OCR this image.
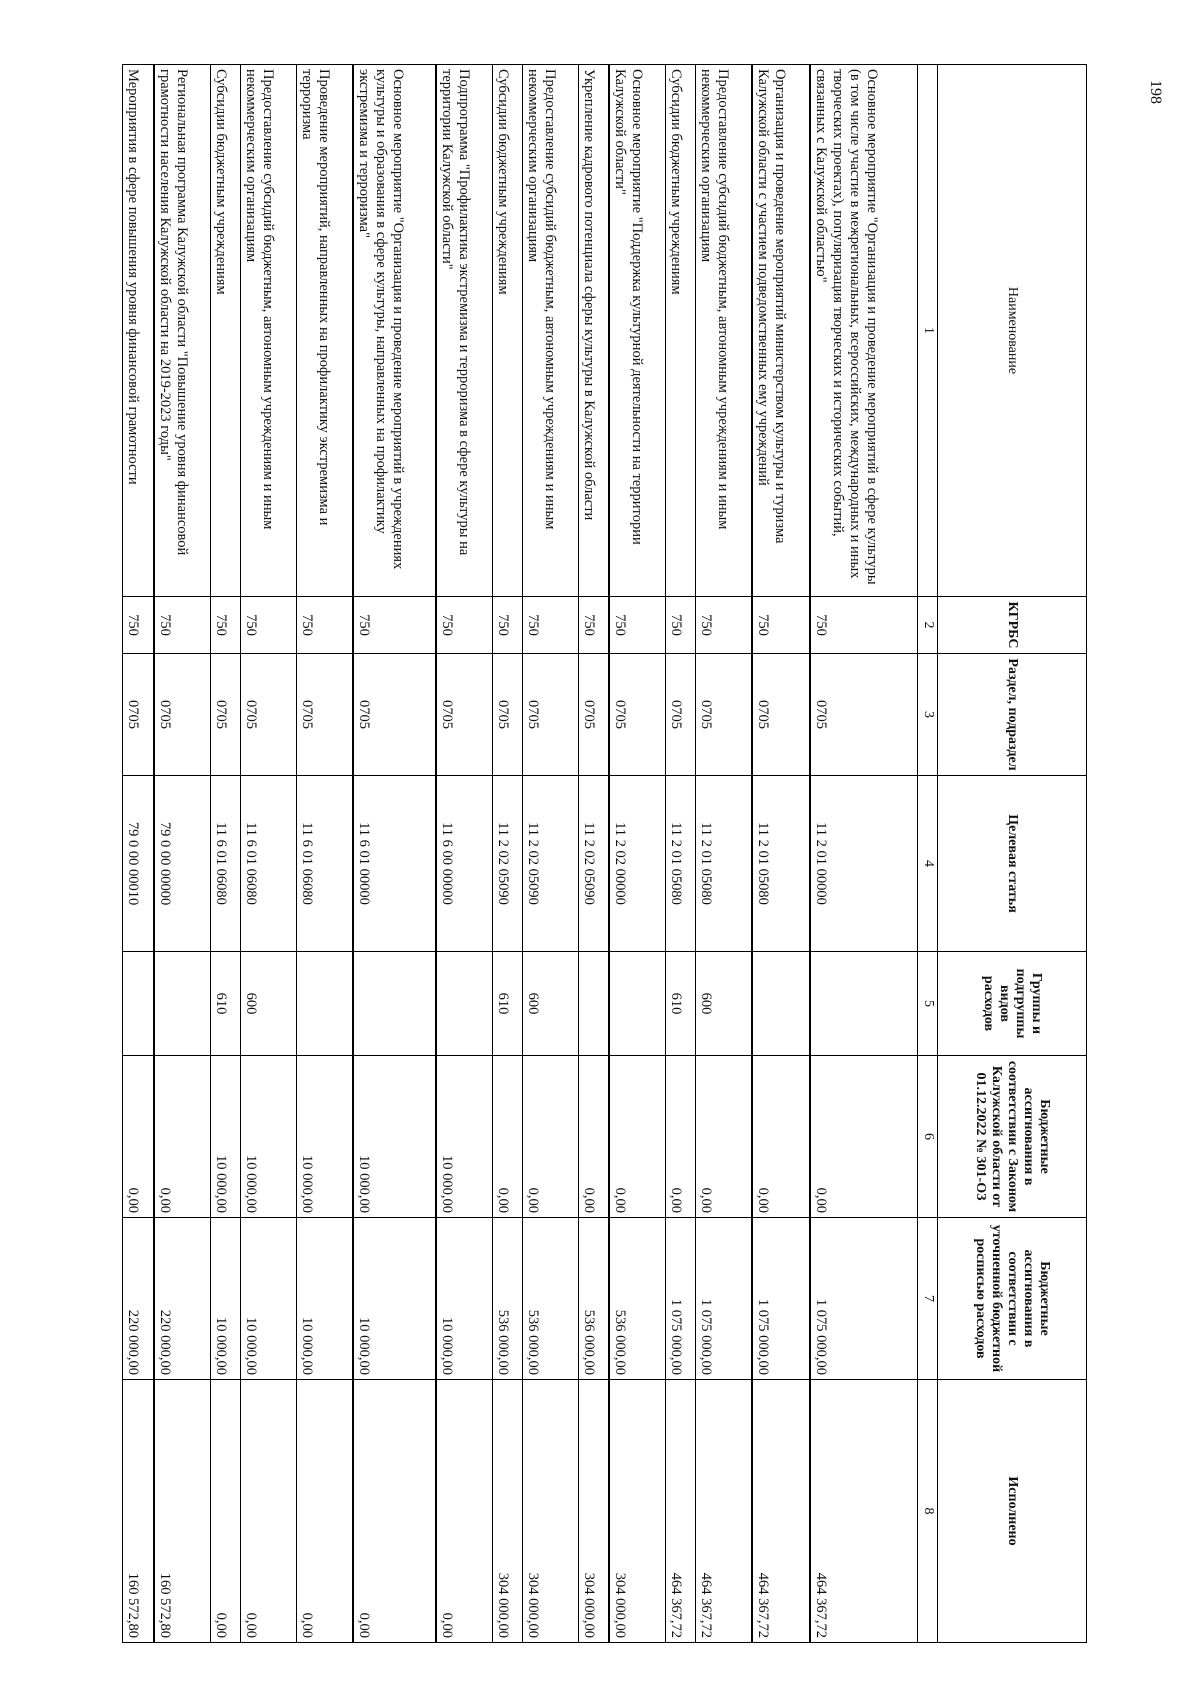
198
Наименование	КГРБС	Раздел, подраздел	Целевая статья	Группы и подгруппы видов расходов	Бюджетные ассигнования в соответствии с Законом Калужской области от 01.12.2022 № 301-ОЗ	Бюджетные ассигнования в соответствии с уточненной бюджетной росписью расходов	Исполнено
1	2	3	4	5	6	7	8
Основное мероприятие "Организация и проведение мероприятий в сфере культуры (в том числе участие в межрегиональных, всероссийских, международных и иных творческих проектах), популяризация творческих и исторических событий, связанных с Калужской областью"	750	0705	11 2 01 00000		0,00	1 075 000,00	464 367,72
Организация и проведение мероприятий министерством культуры и туризма Калужской области с участием подведомственных ему учреждений	750	0705	11 2 01 05080		0,00	1 075 000,00	464 367,72
Предоставление субсидий бюджетным, автономным учреждениям и иным некоммерческим организациям	750	0705	11 2 01 05080	600	0,00	1 075 000,00	464 367,72
Субсидии бюджетным учреждениям	750	0705	11 2 01 05080	610	0,00	1 075 000,00	464 367,72
Основное мероприятие "Поддержка культурной деятельности на территории Калужской области"	750	0705	11 2 02 00000		0,00	536 000,00	304 000,00
Укрепление кадрового потенциала сферы культуры в Калужской области	750	0705	11 2 02 05090		0,00	536 000,00	304 000,00
Предоставление субсидий бюджетным, автономным учреждениям и иным некоммерческим организациям	750	0705	11 2 02 05090	600	0,00	536 000,00	304 000,00
Субсидии бюджетным учреждениям	750	0705	11 2 02 05090	610	0,00	536 000,00	304 000,00
Подпрограмма "Профилактика экстремизма и терроризма в сфере культуры на территории Калужской области"	750	0705	11 6 00 00000		10 000,00	10 000,00	0,00
Основное мероприятие "Организация и проведение мероприятий в учреждениях культуры и образования в сфере культуры, направленных на профилактику экстремизма и терроризма"	750	0705	11 6 01 00000		10 000,00	10 000,00	0,00
Проведение мероприятий, направленных на профилактику экстремизма и терроризма	750	0705	11 6 01 06080		10 000,00	10 000,00	0,00
Предоставление субсидий бюджетным, автономным учреждениям и иным некоммерческим организациям	750	0705	11 6 01 06080	600	10 000,00	10 000,00	0,00
Субсидии бюджетным учреждениям	750	0705	11 6 01 06080	610	10 000,00	10 000,00	0,00
Региональная программа Калужской области "Повышение уровня финансовой грамотности населения Калужской области на 2019-2023 годы"	750	0705	79 0 00 00000		0,00	220 000,00	160 572,80
Мероприятия в сфере повышения уровня финансовой грамотности	750	0705	79 0 00 00010		0,00	220 000,00	160 572,80
